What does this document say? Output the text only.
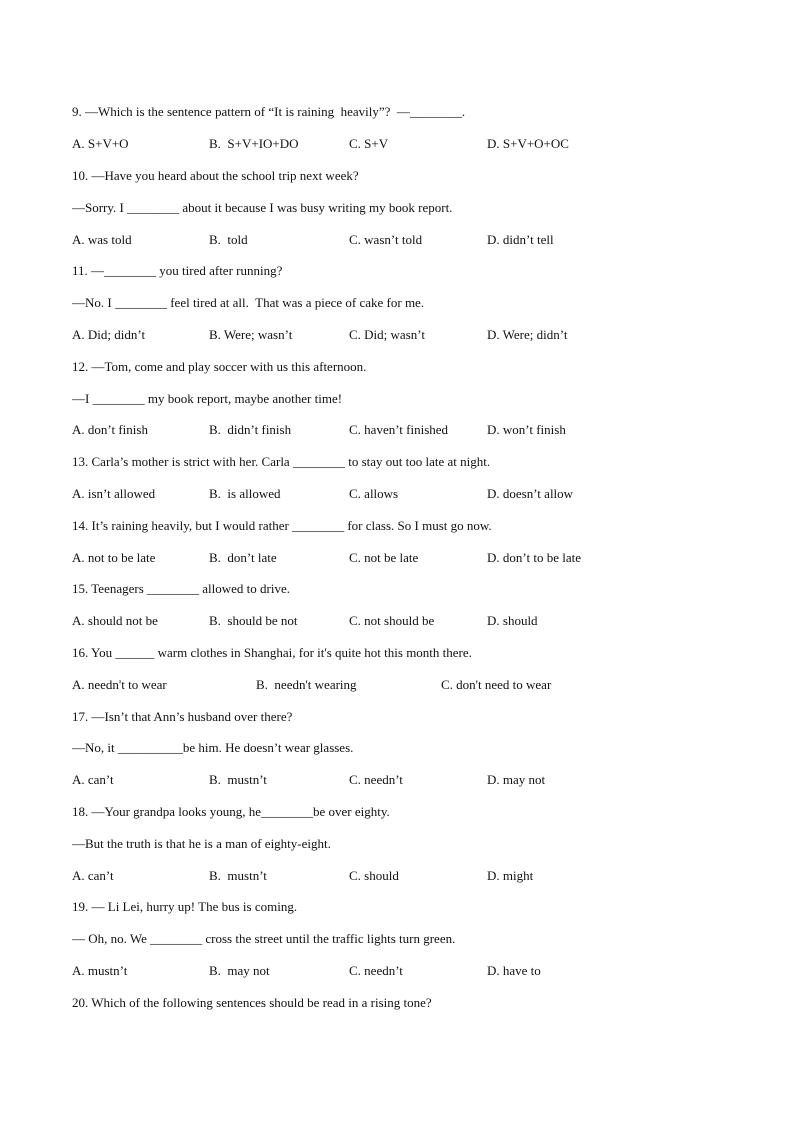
9. —Which is the sentence pattern of “It is raining  heavily”?  —________.
A. S+V+O	B.  S+V+IO+DO	C. S+V	D. S+V+O+OC
10. —Have you heard about the school trip next week?
—Sorry. I ________ about it because I was busy writing my book report.
A. was told	B.  told	C. wasn’t told	D. didn’t tell
11. —________ you tired after running?
—No. I ________ feel tired at all.  That was a piece of cake for me.
A. Did; didn’t	B. Were; wasn’t	C. Did; wasn’t	D. Were; didn’t
12. —Tom, come and play soccer with us this afternoon.
—I ________ my book report, maybe another time!
A. don’t finish	B.  didn’t finish	C. haven’t finished	D. won’t finish
13. Carla’s mother is strict with her. Carla ________ to stay out too late at night.
A. isn’t allowed	B.  is allowed	C. allows	D. doesn’t allow
14. It’s raining heavily, but I would rather ________ for class. So I must go now.
A. not to be late	B.  don’t late	C. not be late	D. don’t to be late
15. Teenagers ________ allowed to drive.
A. should not be	B.  should be not	C. not should be	D. should
16. You ______ warm clothes in Shanghai, for it's quite hot this month there.
A. needn't to wear	B.  needn't wearing	C. don't need to wear
17. —Isn’t that Ann’s husband over there?
—No, it __________be him. He doesn’t wear glasses.
A. can’t	B.  mustn’t	C. needn’t	D. may not
18. —Your grandpa looks young, he________be over eighty.
—But the truth is that he is a man of eighty-eight.
A. can’t	B.  mustn’t	C. should	D. might
19. — Li Lei, hurry up! The bus is coming.
— Oh, no. We ________ cross the street until the traffic lights turn green.
A. mustn’t	B.  may not	C. needn’t	D. have to
20. Which of the following sentences should be read in a rising tone?
